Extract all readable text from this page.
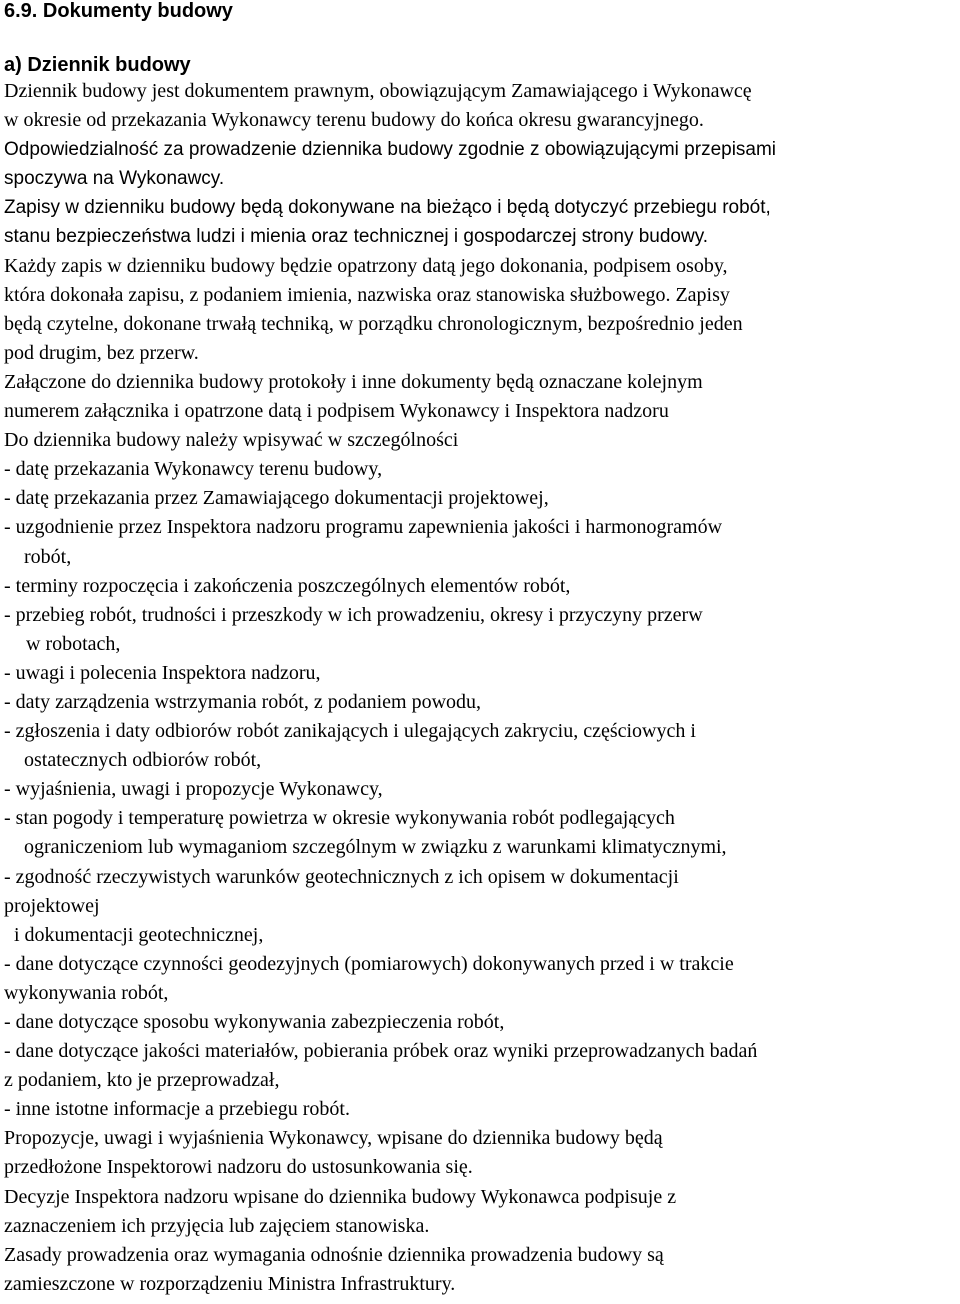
6.9. Dokumenty budowy
a) Dziennik budowy
Dziennik budowy jest dokumentem prawnym, obowiązującym Zamawiającego i Wykonawcę
w okresie od przekazania Wykonawcy terenu budowy do końca okresu gwarancyjnego.
Odpowiedzialność za prowadzenie dziennika budowy zgodnie z obowiązującymi przepisami
spoczywa na Wykonawcy.
Zapisy w dzienniku budowy będą dokonywane na bieżąco i będą dotyczyć przebiegu robót,
stanu bezpieczeństwa ludzi i mienia oraz technicznej i gospodarczej strony budowy.
Każdy zapis w dzienniku budowy będzie opatrzony datą jego dokonania, podpisem osoby,
która dokonała zapisu, z podaniem imienia, nazwiska oraz stanowiska służbowego. Zapisy
będą czytelne, dokonane trwałą techniką, w porządku chronologicznym, bezpośrednio jeden
pod drugim, bez przerw.
Załączone do dziennika budowy protokoły i inne dokumenty będą oznaczane kolejnym
numerem załącznika i opatrzone datą i podpisem Wykonawcy i Inspektora nadzoru
Do dziennika budowy należy wpisywać w szczególności
- datę przekazania Wykonawcy terenu budowy,
- datę przekazania przez Zamawiającego dokumentacji projektowej,
- uzgodnienie przez Inspektora nadzoru programu zapewnienia jakości i harmonogramów
robót,
- terminy rozpoczęcia i zakończenia poszczególnych elementów robót,
- przebieg robót, trudności i przeszkody w ich prowadzeniu, okresy i przyczyny przerw
w robotach,
- uwagi i polecenia Inspektora nadzoru,
- daty zarządzenia wstrzymania robót, z podaniem powodu,
- zgłoszenia i daty odbiorów robót zanikających i ulegających zakryciu, częściowych i
ostatecznych odbiorów robót,
- wyjaśnienia, uwagi i propozycje Wykonawcy,
- stan pogody i temperaturę powietrza w okresie wykonywania robót podlegających
ograniczeniom lub wymaganiom szczególnym w związku z warunkami klimatycznymi,
- zgodność rzeczywistych warunków geotechnicznych z ich opisem w dokumentacji
projektowej
i dokumentacji geotechnicznej,
- dane dotyczące czynności geodezyjnych (pomiarowych) dokonywanych przed i w trakcie
wykonywania robót,
- dane dotyczące sposobu wykonywania zabezpieczenia robót,
- dane dotyczące jakości materiałów, pobierania próbek oraz wyniki przeprowadzanych badań
z podaniem, kto je przeprowadzał,
- inne istotne informacje a przebiegu robót.
Propozycje, uwagi i wyjaśnienia Wykonawcy, wpisane do dziennika budowy będą
przedłożone Inspektorowi nadzoru do ustosunkowania się.
Decyzje Inspektora nadzoru wpisane do dziennika budowy Wykonawca podpisuje z
zaznaczeniem ich przyjęcia lub zajęciem stanowiska.
Zasady prowadzenia oraz wymagania odnośnie dziennika prowadzenia budowy są
zamieszczone w rozporządzeniu Ministra Infrastruktury.
